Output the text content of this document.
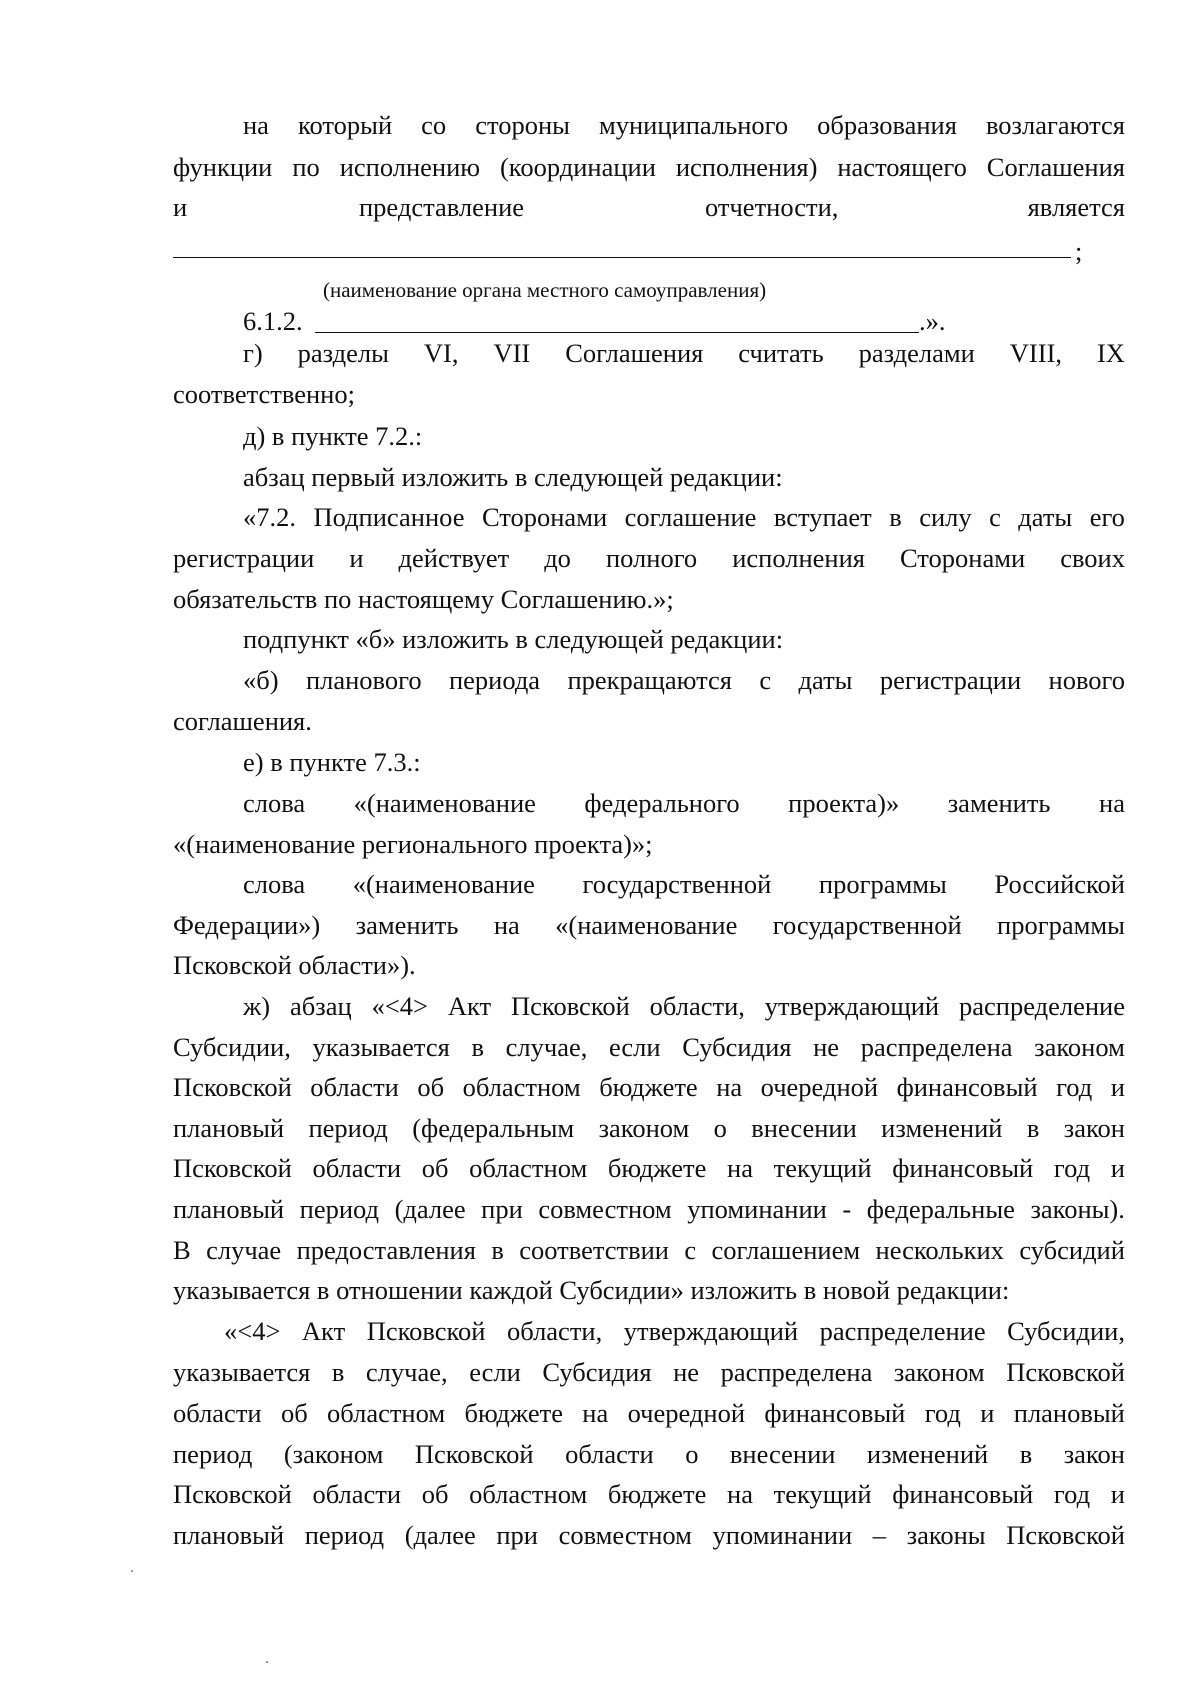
на который со стороны муниципального образования возлагаются
функции по исполнению (координации исполнения) настоящего Соглашения
и	представление	отчетности,	является
;
(наименование органа местного самоуправления)
6.1.2.	.».
г) разделы VI, VII Соглашения считать разделами VIII, IX
соответственно;
д) в пункте 7.2.:
абзац первый изложить в следующей редакции:
«7.2. Подписанное Сторонами соглашение вступает в силу с даты его
регистрации и действует до полного исполнения Сторонами своих
обязательств по настоящему Соглашению.»;
подпункт «б» изложить в следующей редакции:
«б) планового периода прекращаются с даты регистрации нового
соглашения.
е) в пункте 7.3.:
слова «(наименование федерального проекта)» заменить на
«(наименование регионального проекта)»;
слова «(наименование государственной программы Российской
Федерации») заменить на «(наименование государственной программы
Псковской области»).
ж) абзац «<4> Акт Псковской области, утверждающий распределение
Субсидии, указывается в случае, если Субсидия не распределена законом
Псковской области об областном бюджете на очередной финансовый год и
плановый период (федеральным законом о внесении изменений в закон
Псковской области об областном бюджете на текущий финансовый год и
плановый период (далее при совместном упоминании - федеральные законы).
В случае предоставления в соответствии с соглашением нескольких субсидий
указывается в отношении каждой Субсидии» изложить в новой редакции:
«<4> Акт Псковской области, утверждающий распределение Субсидии,
указывается в случае, если Субсидия не распределена законом Псковской
области об областном бюджете на очередной финансовый год и плановый
период (законом Псковской области о внесении изменений в закон
Псковской области об областном бюджете на текущий финансовый год и
плановый период (далее при совместном упоминании – законы Псковской
